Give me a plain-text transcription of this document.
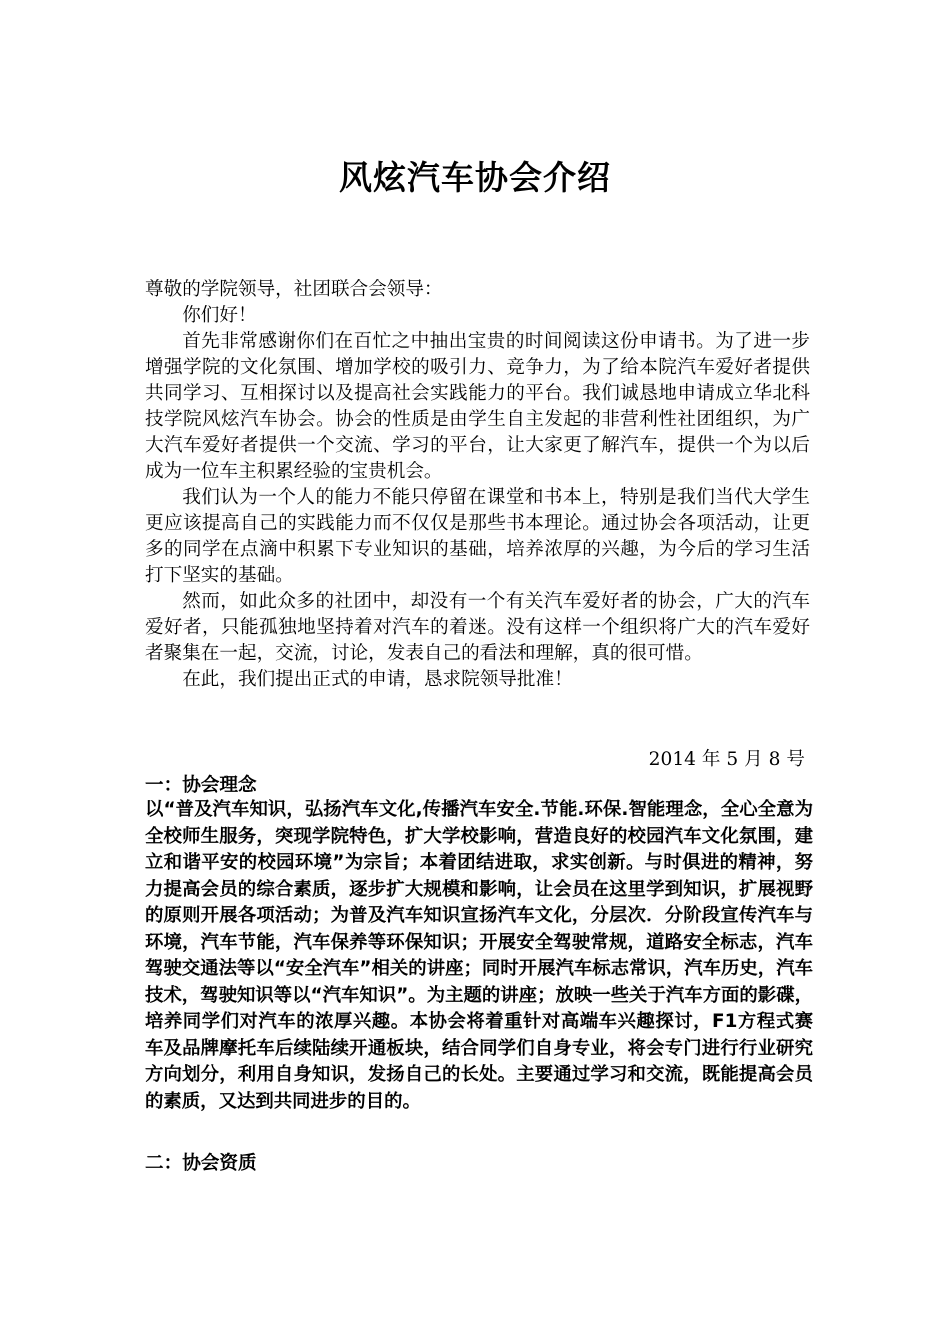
风炫汽车协会介绍

尊敬的学院领导，社团联合会领导：

你们好！

首先非常感谢你们在百忙之中抽出宝贵的时间阅读这份申请书。为了进一步增强学院的文化氛围、增加学校的吸引力、竞争力，为了给本院汽车爱好者提供共同学习、互相探讨以及提高社会实践能力的平台。我们诚恳地申请成立华北科技学院风炫汽车协会。协会的性质是由学生自主发起的非营利性社团组织，为广大汽车爱好者提供一个交流、学习的平台，让大家更了解汽车，提供一个为以后成为一位车主积累经验的宝贵机会。

我们认为一个人的能力不能只停留在课堂和书本上，特别是我们当代大学生更应该提高自己的实践能力而不仅仅是那些书本理论。通过协会各项活动，让更多的同学在点滴中积累下专业知识的基础，培养浓厚的兴趣，为今后的学习生活打下坚实的基础。

然而，如此众多的社团中，却没有一个有关汽车爱好者的协会，广大的汽车爱好者，只能孤独地坚持着对汽车的着迷。没有这样一个组织将广大的汽车爱好者聚集在一起，交流，讨论，发表自己的看法和理解，真的很可惜。

在此，我们提出正式的申请，恳求院领导批准！

2014 年 5 月 8 号
一：协会理念

以“普及汽车知识，弘扬汽车文化,传播汽车安全.节能.环保.智能理念，全心全意为全校师生服务，突现学院特色，扩大学校影响，营造良好的校园汽车文化氛围，建立和谐平安的校园环境”为宗旨；本着团结进取，求实创新。与时俱进的精神，努力提高会员的综合素质，逐步扩大规模和影响，让会员在这里学到知识，扩展视野的原则开展各项活动；为普及汽车知识宣扬汽车文化，分层次．分阶段宣传汽车与环境，汽车节能，汽车保养等环保知识；开展安全驾驶常规，道路安全标志，汽车驾驶交通法等以“安全汽车”相关的讲座；同时开展汽车标志常识，汽车历史，汽车技术，驾驶知识等以“汽车知识”。为主题的讲座；放映一些关于汽车方面的影碟，培养同学们对汽车的浓厚兴趣。本协会将着重针对高端车兴趣探讨，F1方程式赛车及品牌摩托车后续陆续开通板块，结合同学们自身专业，将会专门进行行业研究方向划分，利用自身知识，发扬自己的长处。主要通过学习和交流，既能提高会员的素质，又达到共同进步的目的。

二：协会资质
